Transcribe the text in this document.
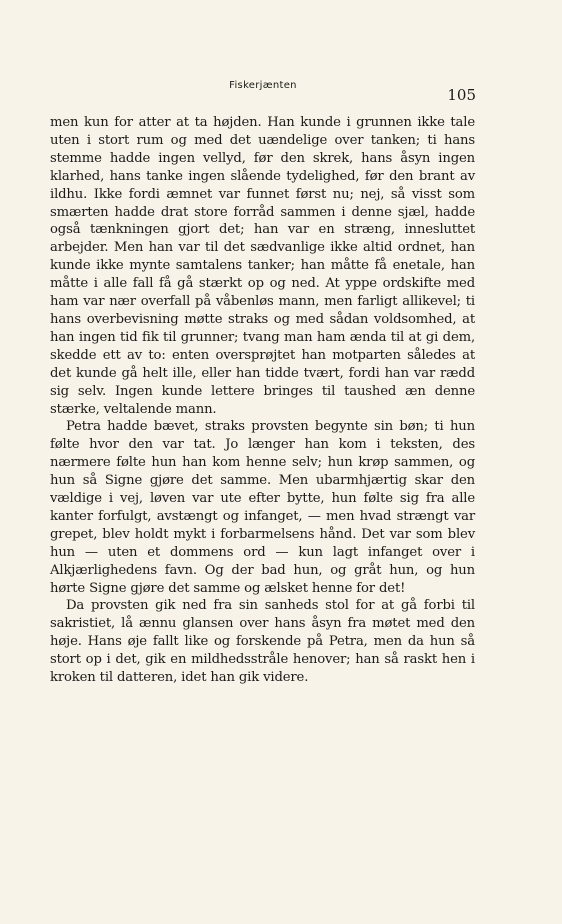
Fiskerjænten
105

men kun for atter at ta højden. Han kunde i grunnen ikke tale uten i stort rum og med det uændelige over tanken; ti hans stemme hadde ingen vellyd, før den skrek, hans åsyn ingen klarhed, hans tanke ingen slående tydelighed, før den brant av ildhu. Ikke fordi æmnet var funnet først nu; nej, så visst som smærten hadde drat store forråd sammen i denne sjæl, hadde også tænkningen gjort det; han var en stræng, innesluttet arbejder. Men han var til det sædvanlige ikke altid ordnet, han kunde ikke mynte samtalens tanker; han måtte få enetale, han måtte i alle fall få gå stærkt op og ned. At yppe ordskifte med ham var nær overfall på våbenløs mann, men farligt allikevel; ti hans overbevisning møtte straks og med sådan voldsomhed, at han ingen tid fik til grunner; tvang man ham ænda til at gi dem, skedde ett av to: enten oversprøjtet han motparten således at det kunde gå helt ille, eller han tidde tvært, fordi han var rædd sig selv. Ingen kunde lettere bringes til taushed æn denne stærke, veltalende mann.

Petra hadde bævet, straks provsten begynte sin bøn; ti hun følte hvor den var tat. Jo længer han kom i teksten, des nærmere følte hun han kom henne selv; hun krøp sammen, og hun så Signe gjøre det samme. Men ubarmhjærtig skar den vældige i vej, løven var ute efter bytte, hun følte sig fra alle kanter forfulgt, avstængt og infanget, — men hvad strængt var grepet, blev holdt mykt i forbarmelsens hånd. Det var som blev hun — uten et dommens ord — kun lagt infanget over i Alkjærlighedens favn. Og der bad hun, og gråt hun, og hun hørte Signe gjøre det samme og ælsket henne for det!

Da provsten gik ned fra sin sanheds stol for at gå forbi til sakristiet, lå ænnu glansen over hans åsyn fra møtet med den høje. Hans øje fallt like og forskende på Petra, men da hun så stort op i det, gik en mildhedsstråle henover; han så raskt hen i kroken til datteren, idet han gik videre.
